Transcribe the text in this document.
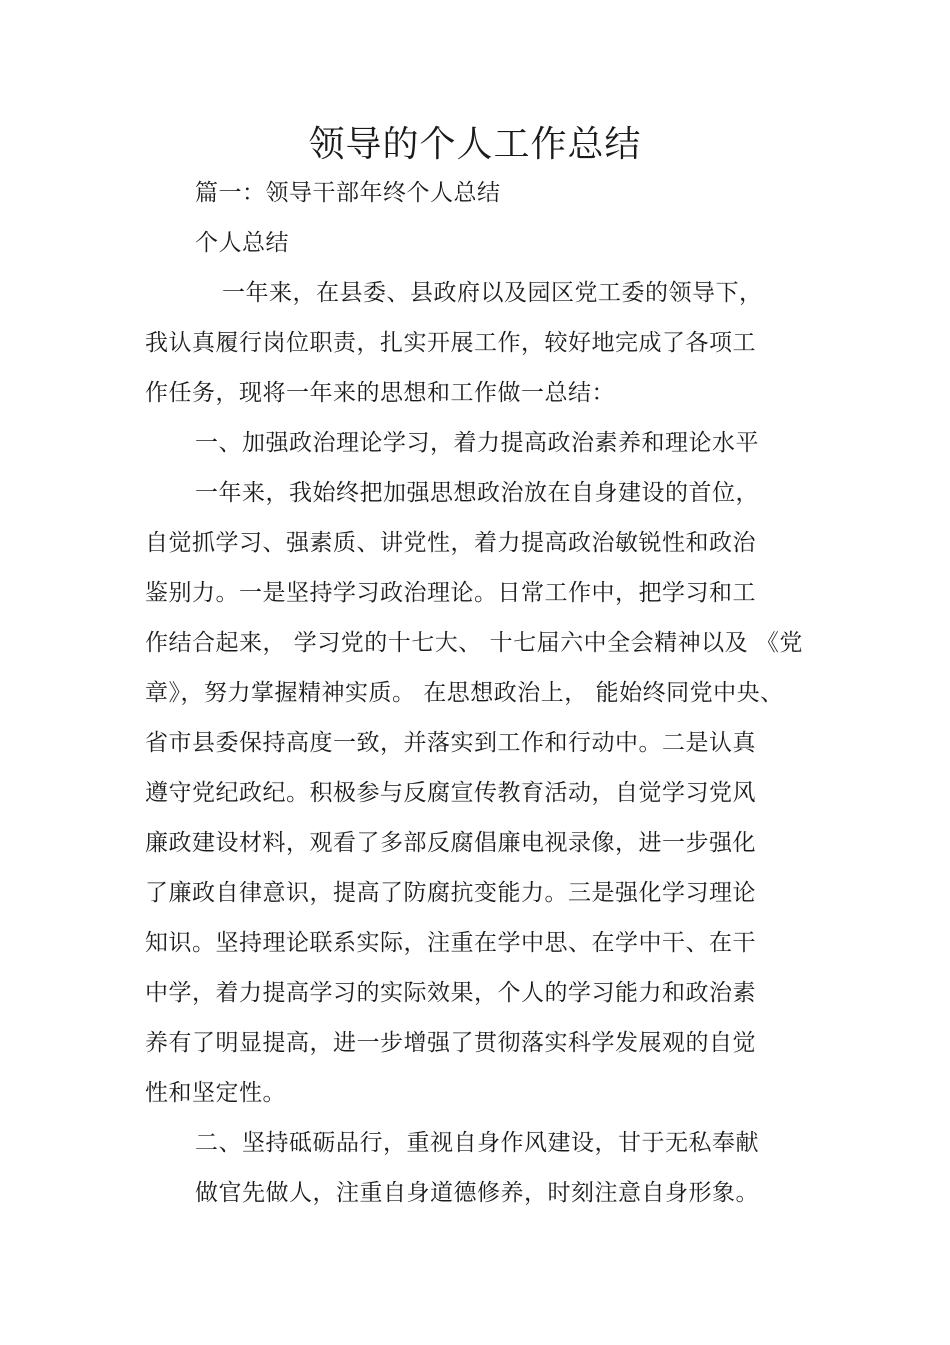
领导的个人工作总结
篇一：领导干部年终个人总结
个人总结
一年来，在县委、县政府以及园区党工委的领导下，
我认真履行岗位职责，扎实开展工作，较好地完成了各项工
作任务，现将一年来的思想和工作做一总结：
一、加强政治理论学习，着力提高政治素养和理论水平
一年来，我始终把加强思想政治放在自身建设的首位，
自觉抓学习、强素质、讲党性，着力提高政治敏锐性和政治
鉴别力。一是坚持学习政治理论。日常工作中，把学习和工
作结合起来， 学习党的十七大、 十七届六中全会精神以及 《党
章》，努力掌握精神实质。 在思想政治上， 能始终同党中央、
省市县委保持高度一致，并落实到工作和行动中。二是认真
遵守党纪政纪。积极参与反腐宣传教育活动，自觉学习党风
廉政建设材料，观看了多部反腐倡廉电视录像，进一步强化
了廉政自律意识，提高了防腐抗变能力。三是强化学习理论
知识。坚持理论联系实际，注重在学中思、在学中干、在干
中学，着力提高学习的实际效果，个人的学习能力和政治素
养有了明显提高，进一步增强了贯彻落实科学发展观的自觉
性和坚定性。
二、坚持砥砺品行，重视自身作风建设，甘于无私奉献
做官先做人，注重自身道德修养，时刻注意自身形象。
